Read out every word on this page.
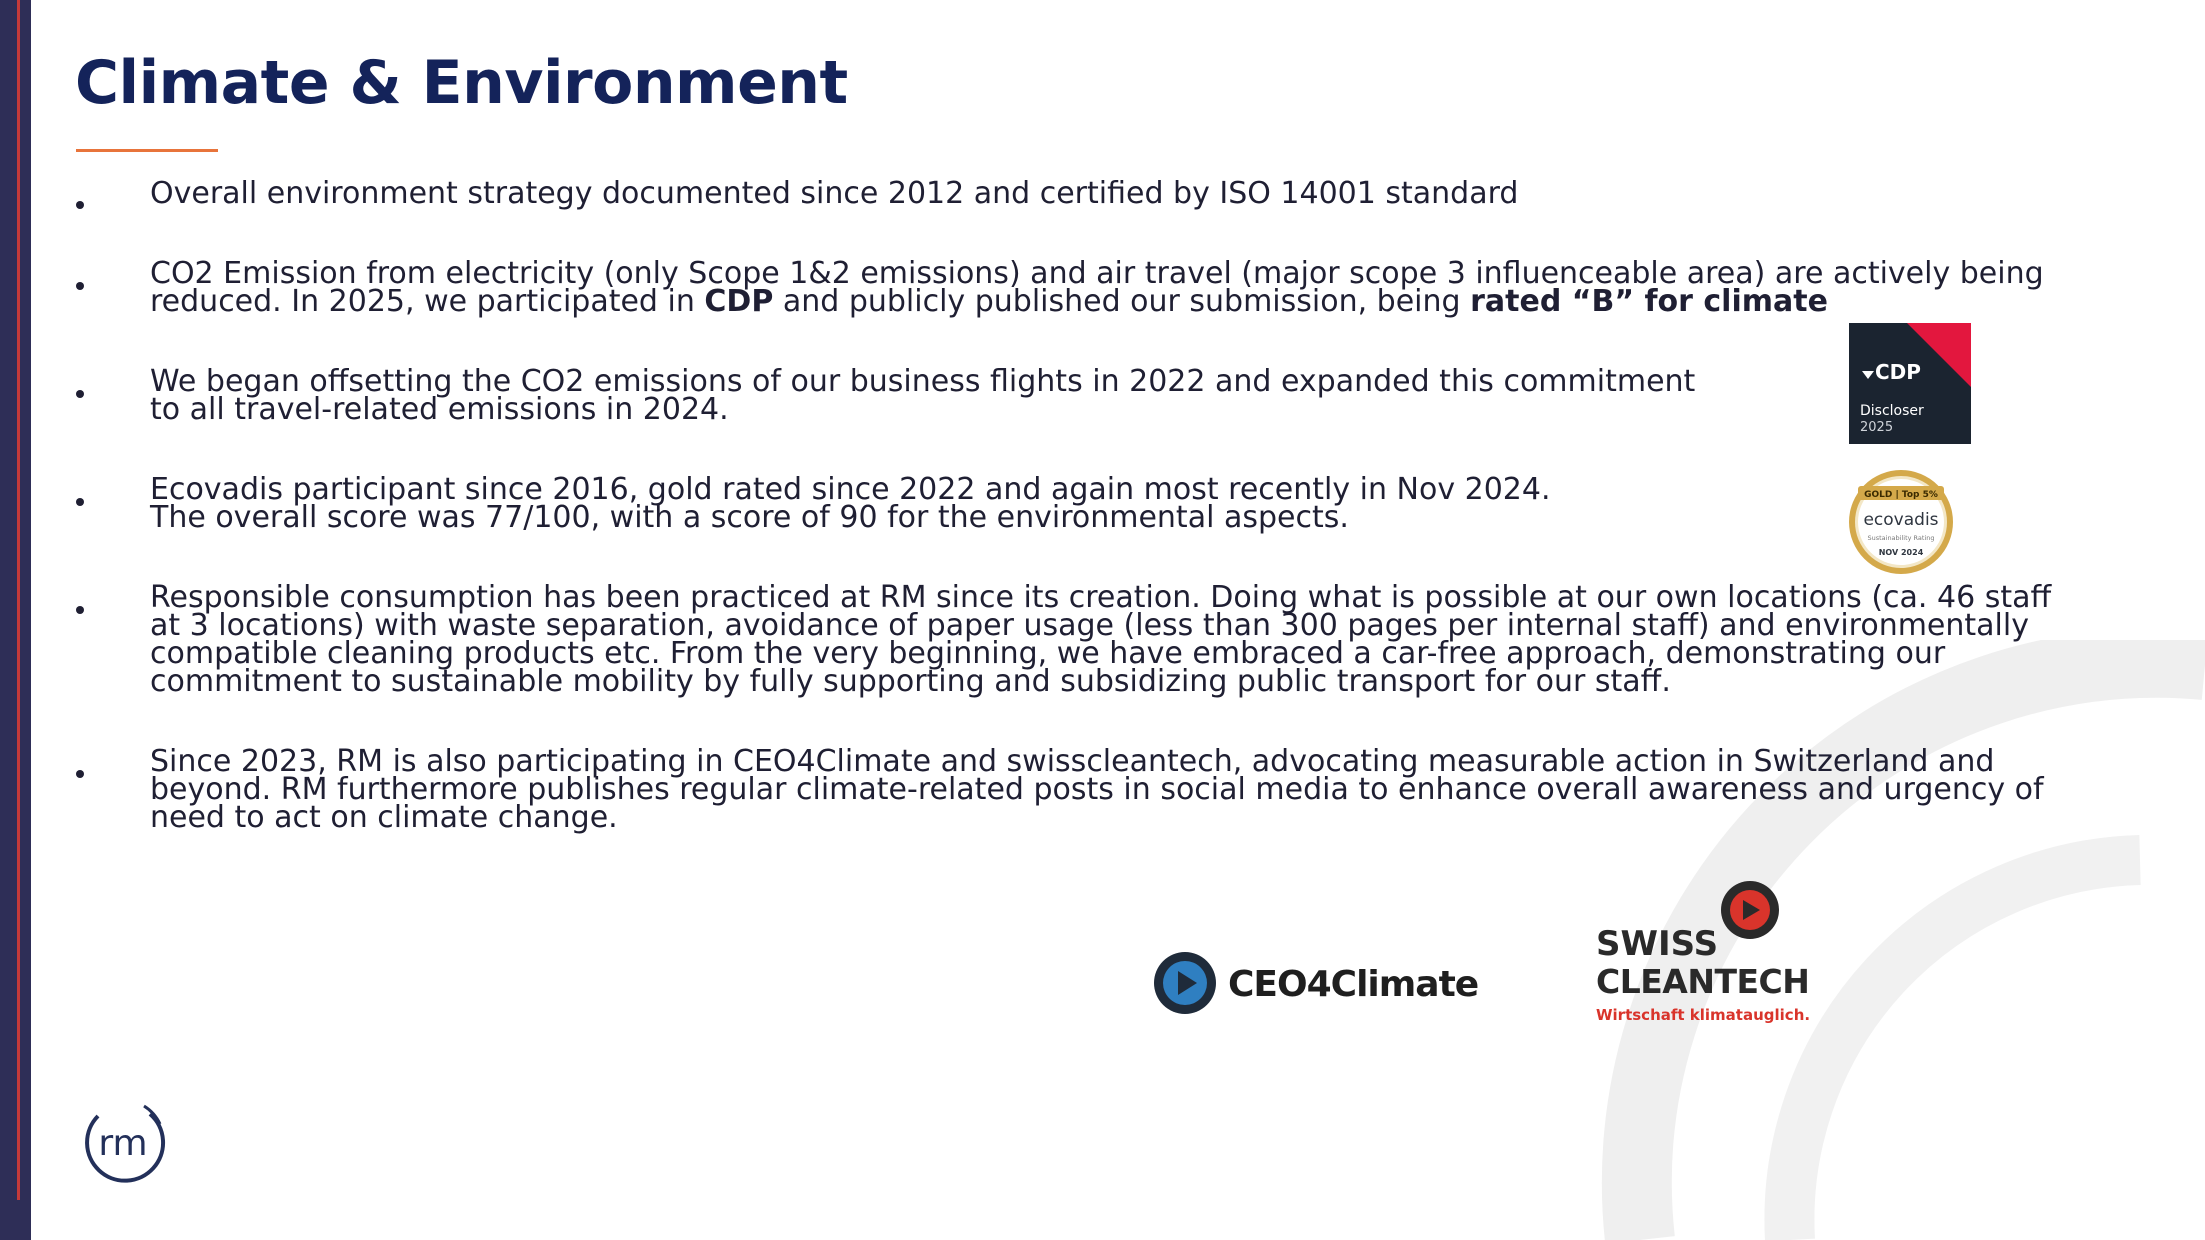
Climate & Environment
Overall environment strategy documented since 2012 and certified by ISO 14001 standard
CO2 Emission from electricity (only Scope 1&2 emissions) and air travel (major scope 3 influenceable area) are actively being
reduced. In 2025, we participated in CDP and publicly published our submission, being rated “B” for climate
We began offsetting the CO2 emissions of our business flights in 2022 and expanded this commitment
to all travel-related emissions in 2024.
Ecovadis participant since 2016, gold rated since 2022 and again most recently in Nov 2024.
The overall score was 77/100, with a score of 90 for the environmental aspects.
Responsible consumption has been practiced at RM since its creation. Doing what is possible at our own locations (ca. 46 staff
at 3 locations) with waste separation, avoidance of paper usage (less than 300 pages per internal staff) and environmentally
compatible cleaning products etc. From the very beginning, we have embraced a car-free approach, demonstrating our
commitment to sustainable mobility by fully supporting and subsidizing public transport for our staff.
Since 2023, RM is also participating in CEO4Climate and swisscleantech, advocating measurable action in Switzerland and
beyond. RM furthermore publishes regular climate-related posts in social media to enhance overall awareness and urgency of
need to act on climate change.
CDP
Discloser
2025
GOLD | Top 5%
ecovadis
Sustainability Rating
NOV 2024
CEO4Climate
SWISS
CLEANTECH
Wirtschaft klimatauglich.
rm
